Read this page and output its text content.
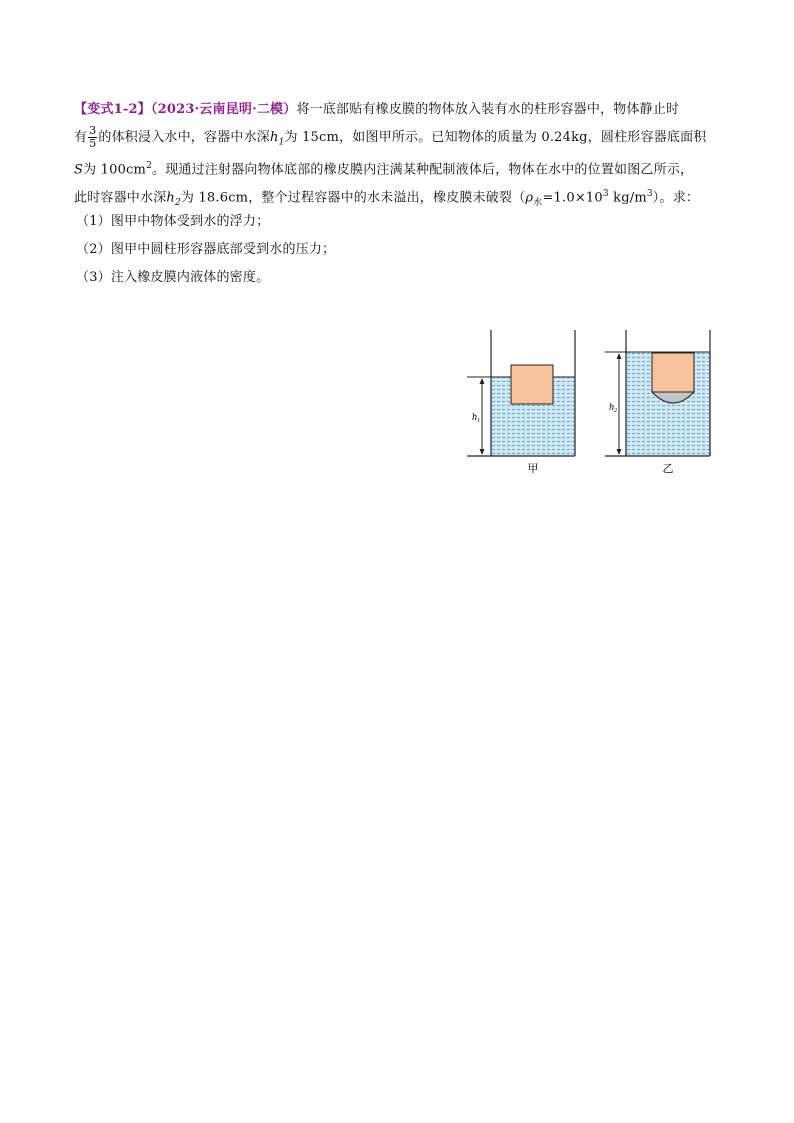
【变式1-2】（2023·云南昆明·二模）将一底部贴有橡皮膜的物体放入装有水的柱形容器中，物体静止时
有 $\frac{3}{5}$ 的体积浸入水中，容器中水深$h_1$为 15cm，如图甲所示。已知物体的质量为 0.24kg，圆柱形容器底面积
S为 $100cm^2$。现通过注射器向物体底部的橡皮膜内注满某种配制液体后，物体在水中的位置如图乙所示，
此时容器中水深$h_2$为 18.6cm，整个过程容器中的水未溢出，橡皮膜未破裂（$\rho_水=1.0\times 10^3$ $kg/m^3$）。求：
（1）图甲中物体受到水的浮力；
（2）图甲中圆柱形容器底部受到水的压力；
（3）注入橡皮膜内液体的密度。
$h_1$
甲
$h_2$
乙
